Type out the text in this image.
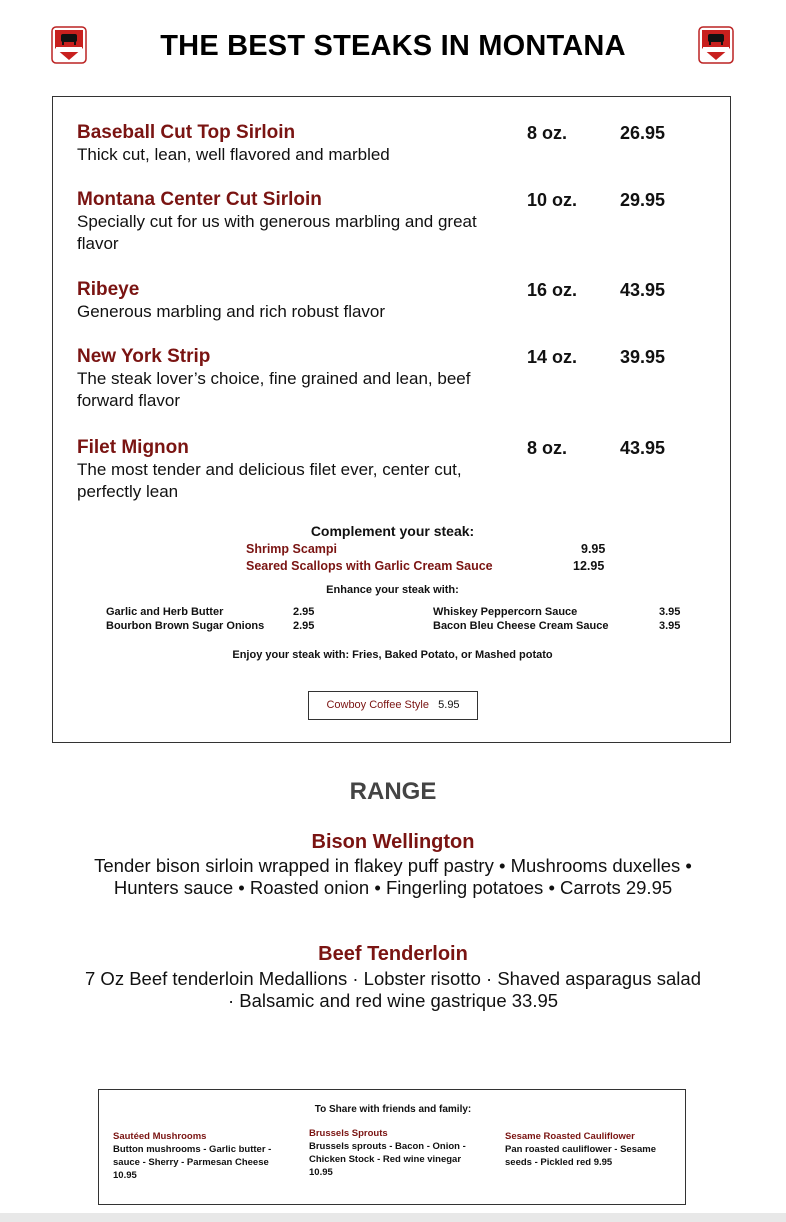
THE BEST STEAKS IN MONTANA
Baseball Cut Top Sirloin
Thick cut, lean, well flavored and marbled
8 oz.	26.95
Montana Center Cut Sirloin
Specially cut for us with generous marbling and great flavor
10 oz. 29.95
Ribeye
Generous marbling and rich robust flavor
16 oz. 43.95
New York Strip
The steak lover’s choice, fine grained and lean, beef forward flavor
14 oz. 39.95
Filet Mignon
The most tender and delicious filet ever, center cut, perfectly lean
8 oz.	43.95
Complement your steak:
Shrimp Scampi	9.95
Seared Scallops with Garlic Cream Sauce	12.95
Enhance your steak with:
Garlic and Herb Butter	2.95
Bourbon Brown Sugar Onions	2.95
Whiskey Peppercorn Sauce	3.95
Bacon Bleu Cheese Cream Sauce	3.95
Enjoy your steak with: Fries, Baked Potato, or Mashed potato
Cowboy Coffee Style 5.95
RANGE
Bison Wellington
Tender bison sirloin wrapped in flakey puff pastry • Mushrooms duxelles • Hunters sauce • Roasted onion • Fingerling potatoes • Carrots 29.95
Beef Tenderloin
7 Oz Beef tenderloin Medallions · Lobster risotto · Shaved asparagus salad · Balsamic and red wine gastrique 33.95
To Share with friends and family:
Sautéed Mushrooms
Button mushrooms - Garlic butter - sauce - Sherry - Parmesan Cheese 10.95
Brussels Sprouts
Brussels sprouts - Bacon - Onion - Chicken Stock - Red wine vinegar 10.95
Sesame Roasted Cauliflower
Pan roasted cauliflower - Sesame seeds - Pickled red 9.95
